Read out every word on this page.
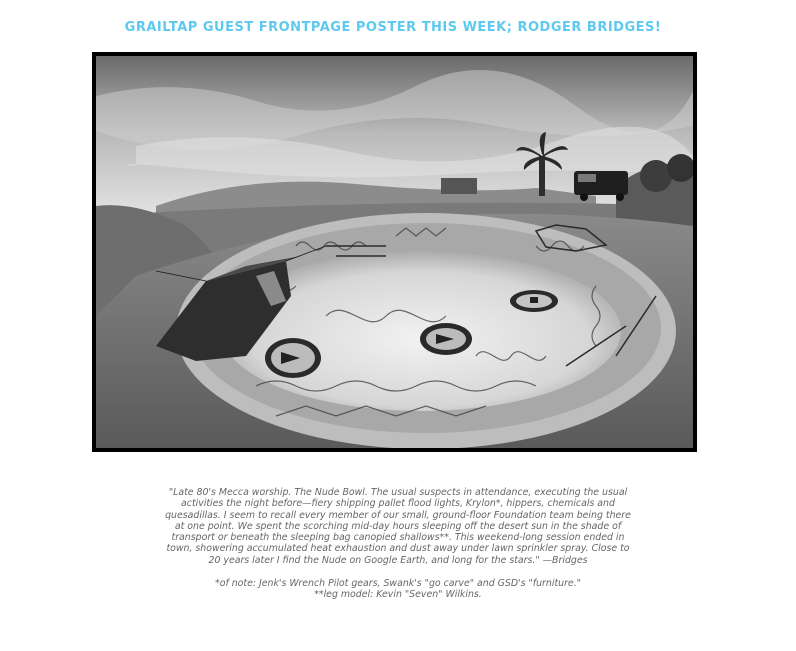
GRAILTAP GUEST FRONTPAGE POSTER THIS WEEK; RODGER BRIDGES!

"Late 80's Mecca worship. The Nude Bowl. The usual suspects in attendance, executing the usual activities the night before—fiery shipping pallet flood lights, Krylon*, hippers, chemicals and quesadillas. I seem to recall every member of our small, ground-floor Foundation team being there at one point. We spent the scorching mid-day hours sleeping off the desert sun in the shade of transport or beneath the sleeping bag canopied shallows**. This weekend-long session ended in town, showering accumulated heat exhaustion and dust away under lawn sprinkler spray. Close to 20 years later I find the Nude on Google Earth, and long for the stars." —Bridges

*of note: Jenk's Wrench Pilot gears, Swank's "go carve" and GSD's "furniture."

**leg model: Kevin "Seven" Wilkins.
